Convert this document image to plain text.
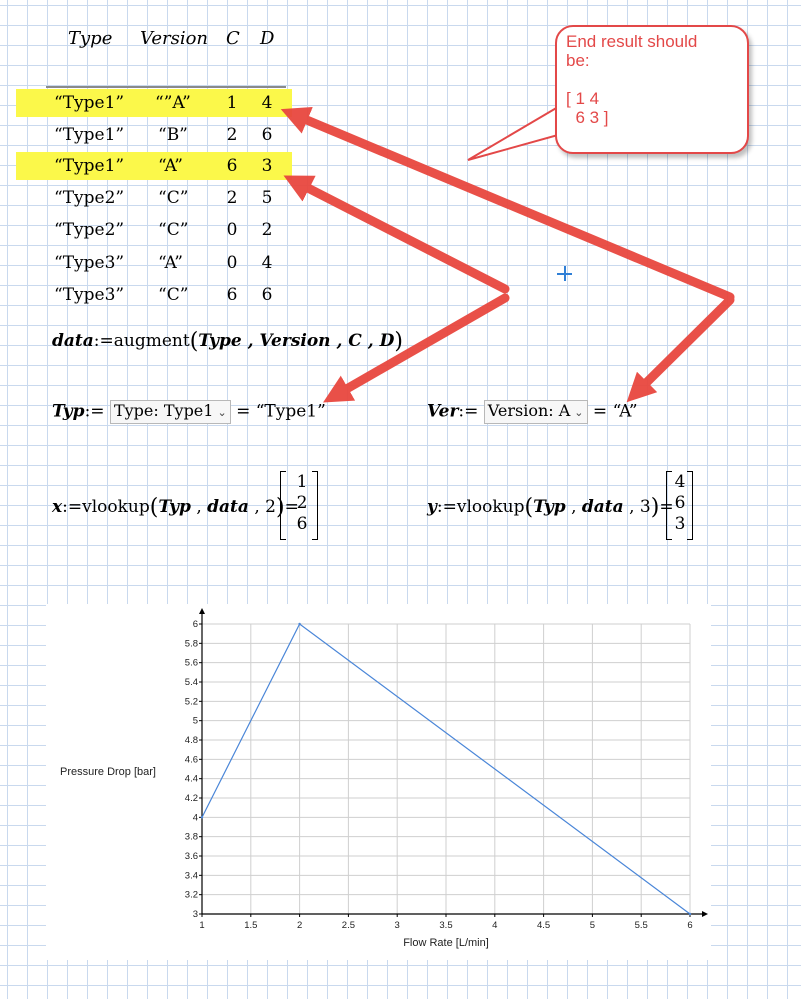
Type Version C D
“Type1” “”A” 1 4
“Type1” “B” 2 6
“Type1” “A”	6 3
“Type2” “C” 2 5
“Type2” “C” 0 2
“Type3” “A”	0 4
“Type3” “C” 6 6
data:=augment(Type , Version , C , D)
Typ:= Type: Type1 ⌄ = “Type1”	Ver:= Version: A ⌄ = “A”
x:=vlookup(Typ , data , 2)=
1
2
6
y:=vlookup(Typ , data , 3)=
4
6
3
End result should
be:

[ 1 4
6 3 ]
1	1.5	2	2.5	3	3.5	4	4.5	5	5.5	6
3
3.2
3.4
3.6
3.8
4
4.2
4.4
4.6
4.8
5
5.2
5.4
5.6
5.8
6
Flow Rate [L/min]
Pressure Drop [bar]
